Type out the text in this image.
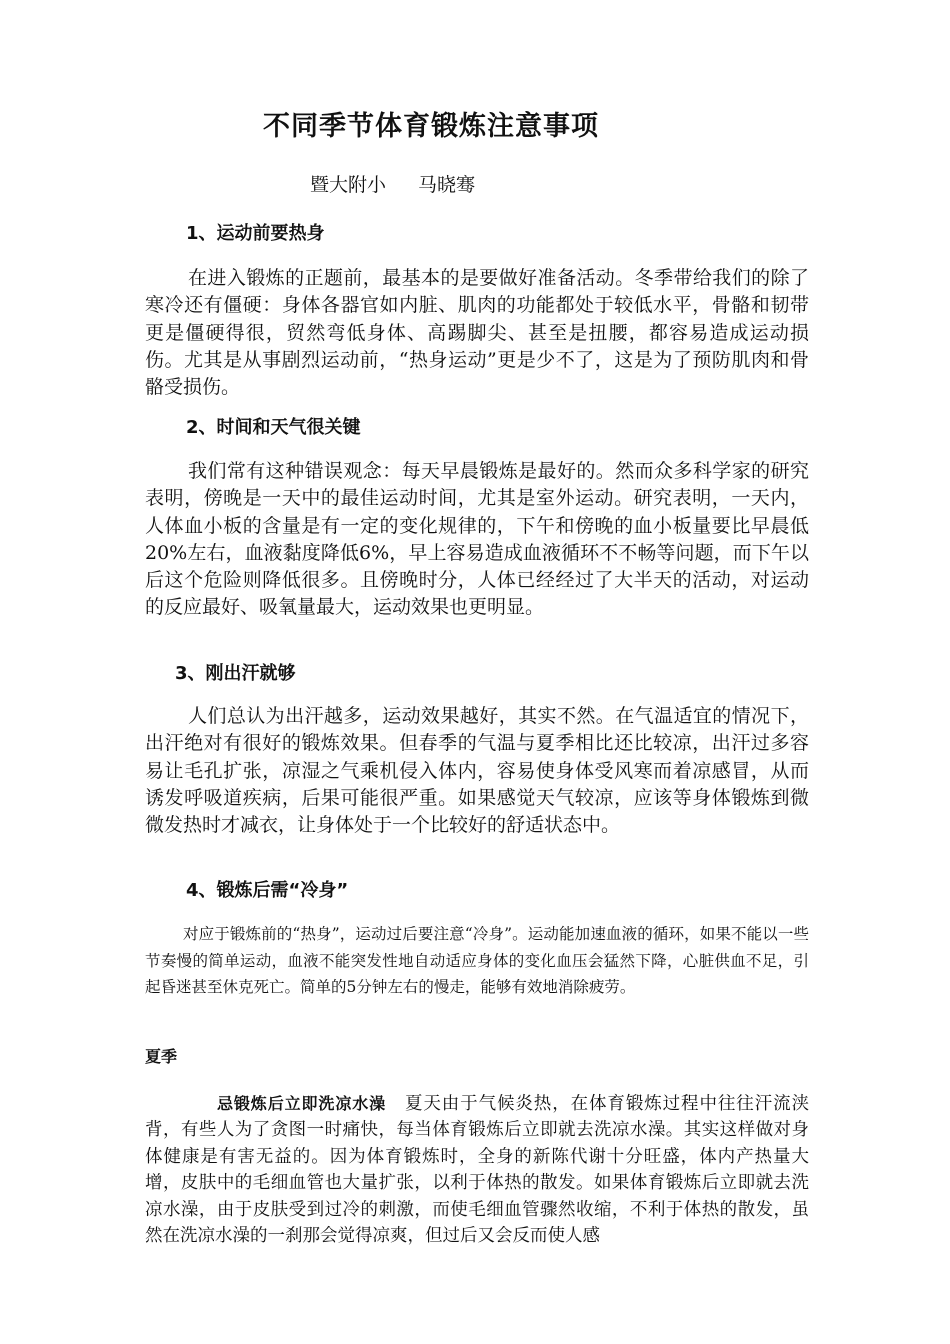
不同季节体育锻炼注意事项
暨大附小 马晓骞
1、运动前要热身

在进入锻炼的正题前，最基本的是要做好准备活动。冬季带给我们的除了寒冷还有僵硬：身体各器官如内脏、肌肉的功能都处于较低水平，骨骼和韧带更是僵硬得很，贸然弯低身体、高踢脚尖、甚至是扭腰，都容易造成运动损伤。尤其是从事剧烈运动前，“热身运动”更是少不了，这是为了预防肌肉和骨骼受损伤。

2、时间和天气很关键

我们常有这种错误观念：每天早晨锻炼是最好的。然而众多科学家的研究表明，傍晚是一天中的最佳运动时间，尤其是室外运动。研究表明，一天内，人体血小板的含量是有一定的变化规律的，下午和傍晚的血小板量要比早晨低20%左右，血液黏度降低6%，早上容易造成血液循环不不畅等问题，而下午以后这个危险则降低很多。且傍晚时分，人体已经经过了大半天的活动，对运动的反应最好、吸氧量最大，运动效果也更明显。

3、刚出汗就够

人们总认为出汗越多，运动效果越好，其实不然。在气温适宜的情况下，出汗绝对有很好的锻炼效果。但春季的气温与夏季相比还比较凉，出汗过多容易让毛孔扩张，凉湿之气乘机侵入体内，容易使身体受风寒而着凉感冒，从而诱发呼吸道疾病，后果可能很严重。如果感觉天气较凉，应该等身体锻炼到微微发热时才减衣，让身体处于一个比较好的舒适状态中。

4、锻炼后需“冷身”

对应于锻炼前的“热身”，运动过后要注意“冷身”。运动能加速血液的循环，如果不能以一些节奏慢的简单运动，血液不能突发性地自动适应身体的变化血压会猛然下降，心脏供血不足，引起昏迷甚至休克死亡。简单的5分钟左右的慢走，能够有效地消除疲劳。

夏季

忌锻炼后立即洗凉水澡 夏天由于气候炎热，在体育锻炼过程中往往汗流浃背，有些人为了贪图一时痛快，每当体育锻炼后立即就去洗凉水澡。其实这样做对身体健康是有害无益的。因为体育锻炼时，全身的新陈代谢十分旺盛，体内产热量大增，皮肤中的毛细血管也大量扩张，以利于体热的散发。如果体育锻炼后立即就去洗凉水澡，由于皮肤受到过冷的刺激，而使毛细血管骤然收缩，不利于体热的散发，虽然在洗凉水澡的一刹那会觉得凉爽，但过后又会反而使人感
